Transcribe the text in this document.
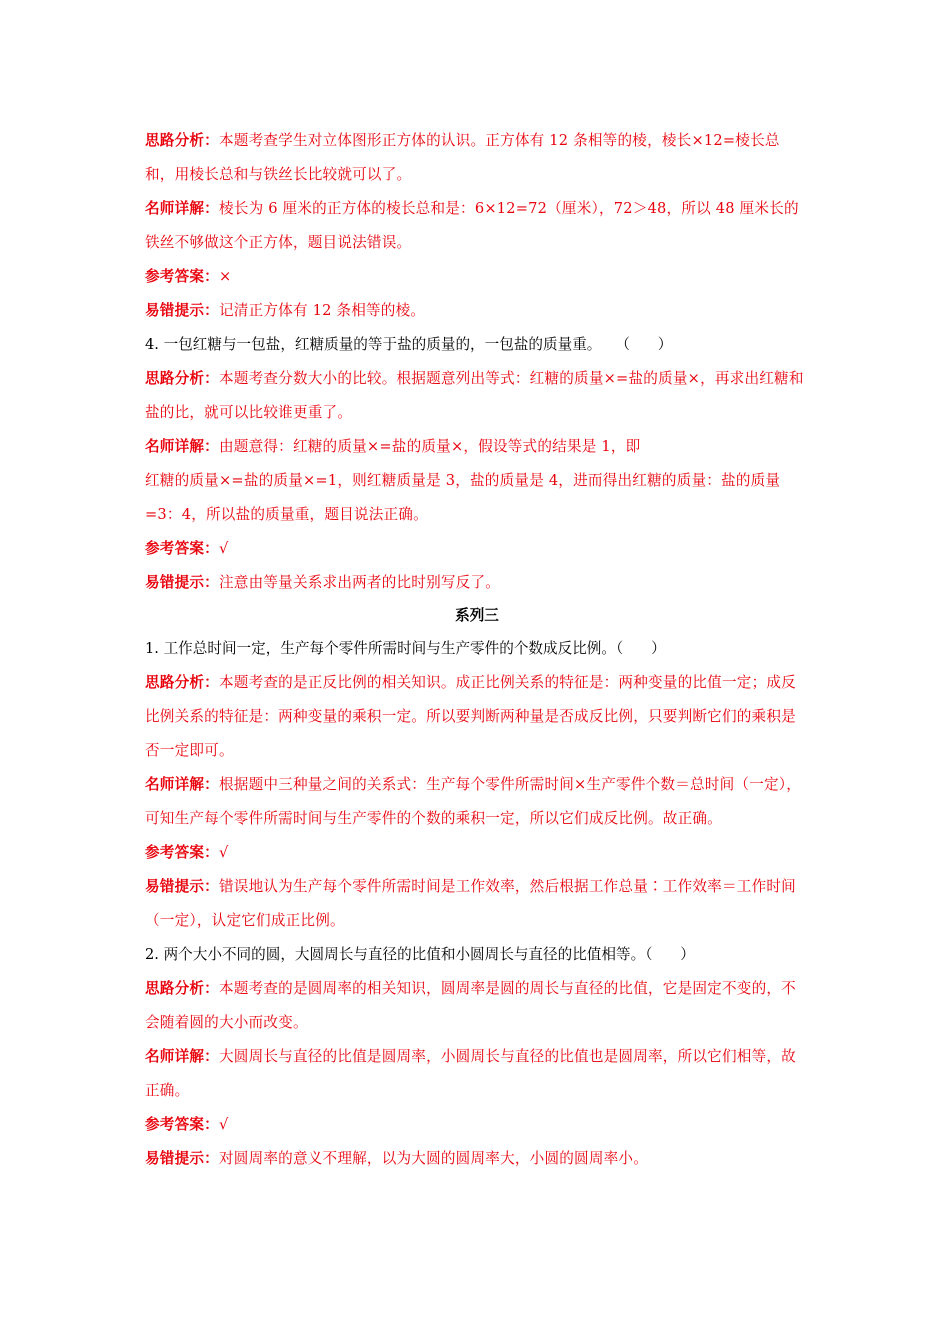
思路分析：本题考查学生对立体图形正方体的认识。正方体有 12 条相等的棱，棱长×12=棱长总和，用棱长总和与铁丝长比较就可以了。

名师详解：棱长为 6 厘米的正方体的棱长总和是：6×12=72（厘米），72＞48，所以 48 厘米长的铁丝不够做这个正方体，题目说法错误。

参考答案：×

易错提示：记清正方体有 12 条相等的棱。

4. 一包红糖与一包盐，红糖质量的等于盐的质量的，一包盐的质量重。 （      ）

思路分析：本题考查分数大小的比较。根据题意列出等式：红糖的质量×=盐的质量×，再求出红糖和盐的比，就可以比较谁更重了。

名师详解：由题意得：红糖的质量×=盐的质量×，假设等式的结果是 1，即
红糖的质量×=盐的质量×=1，则红糖质量是 3，盐的质量是 4，进而得出红糖的质量：盐的质量=3：4，所以盐的质量重，题目说法正确。

参考答案：√

易错提示：注意由等量关系求出两者的比时别写反了。

系列三

1. 工作总时间一定，生产每个零件所需时间与生产零件的个数成反比例。（      ）

思路分析：本题考查的是正反比例的相关知识。成正比例关系的特征是：两种变量的比值一定；成反比例关系的特征是：两种变量的乘积一定。所以要判断两种量是否成反比例，只要判断它们的乘积是否一定即可。

名师详解：根据题中三种量之间的关系式：生产每个零件所需时间×生产零件个数＝总时间（一定），可知生产每个零件所需时间与生产零件的个数的乘积一定，所以它们成反比例。故正确。

参考答案：√

易错提示：错误地认为生产每个零件所需时间是工作效率，然后根据工作总量∶工作效率＝工作时间（一定），认定它们成正比例。

2. 两个大小不同的圆，大圆周长与直径的比值和小圆周长与直径的比值相等。（      ）

思路分析：本题考查的是圆周率的相关知识，圆周率是圆的周长与直径的比值，它是固定不变的，不会随着圆的大小而改变。

名师详解：大圆周长与直径的比值是圆周率，小圆周长与直径的比值也是圆周率，所以它们相等，故正确。

参考答案：√

易错提示：对圆周率的意义不理解，以为大圆的圆周率大，小圆的圆周率小。
